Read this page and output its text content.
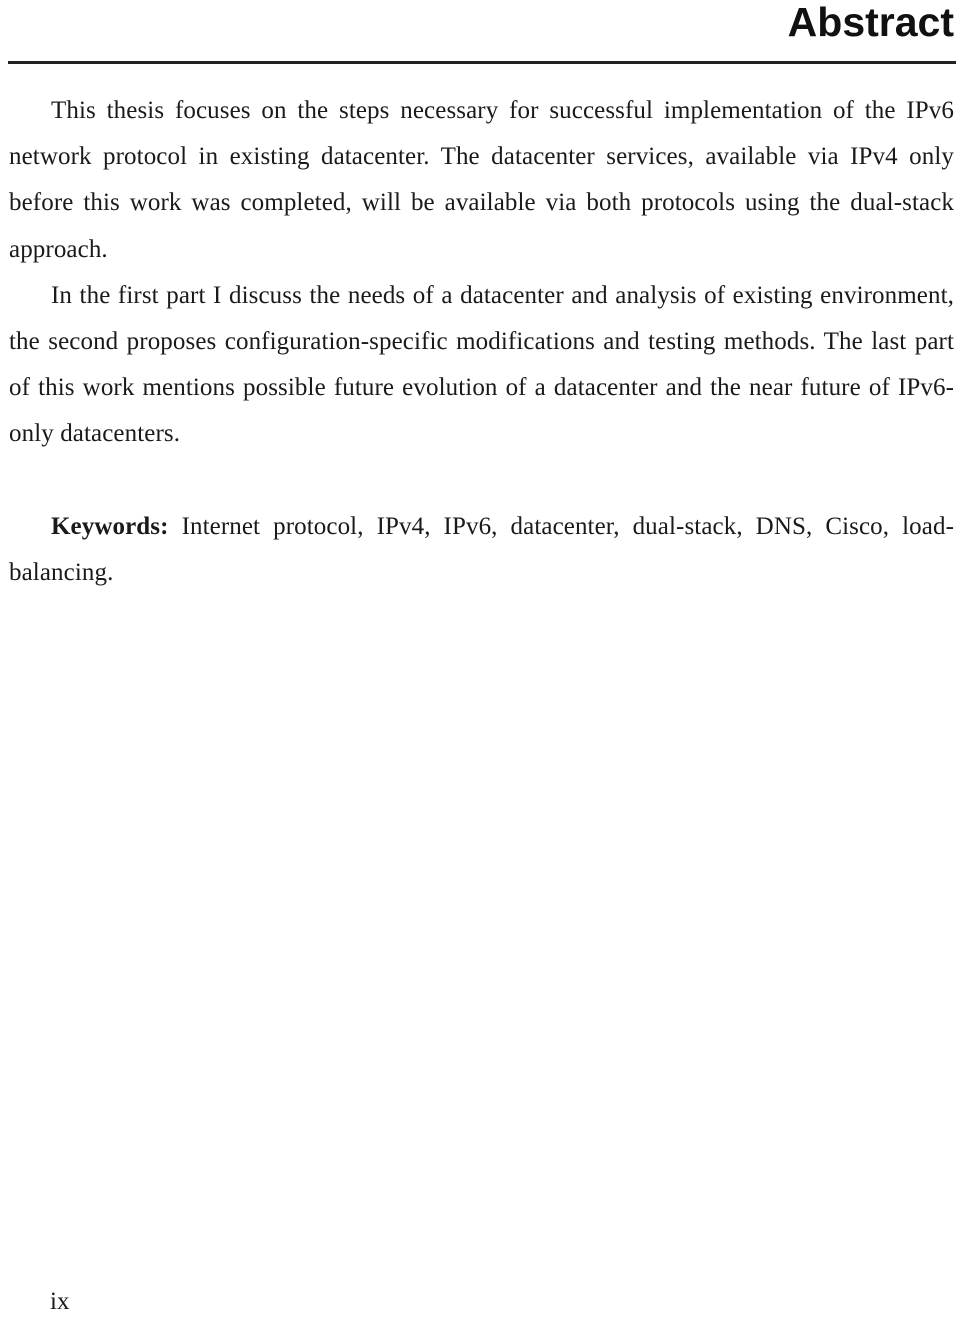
Abstract

This thesis focuses on the steps necessary for successful implementation of the IPv6 network protocol in existing datacenter. The datacenter services, available via IPv4 only before this work was completed, will be available via both protocols using the dual-stack approach.

In the first part I discuss the needs of a datacenter and analysis of existing environment, the second proposes configuration-specific modifications and testing methods. The last part of this work mentions possible future evolution of a datacenter and the near future of IPv6-only datacenters.

Keywords: Internet protocol, IPv4, IPv6, datacenter, dual-stack, DNS, Cisco, load-balancing.

ix
